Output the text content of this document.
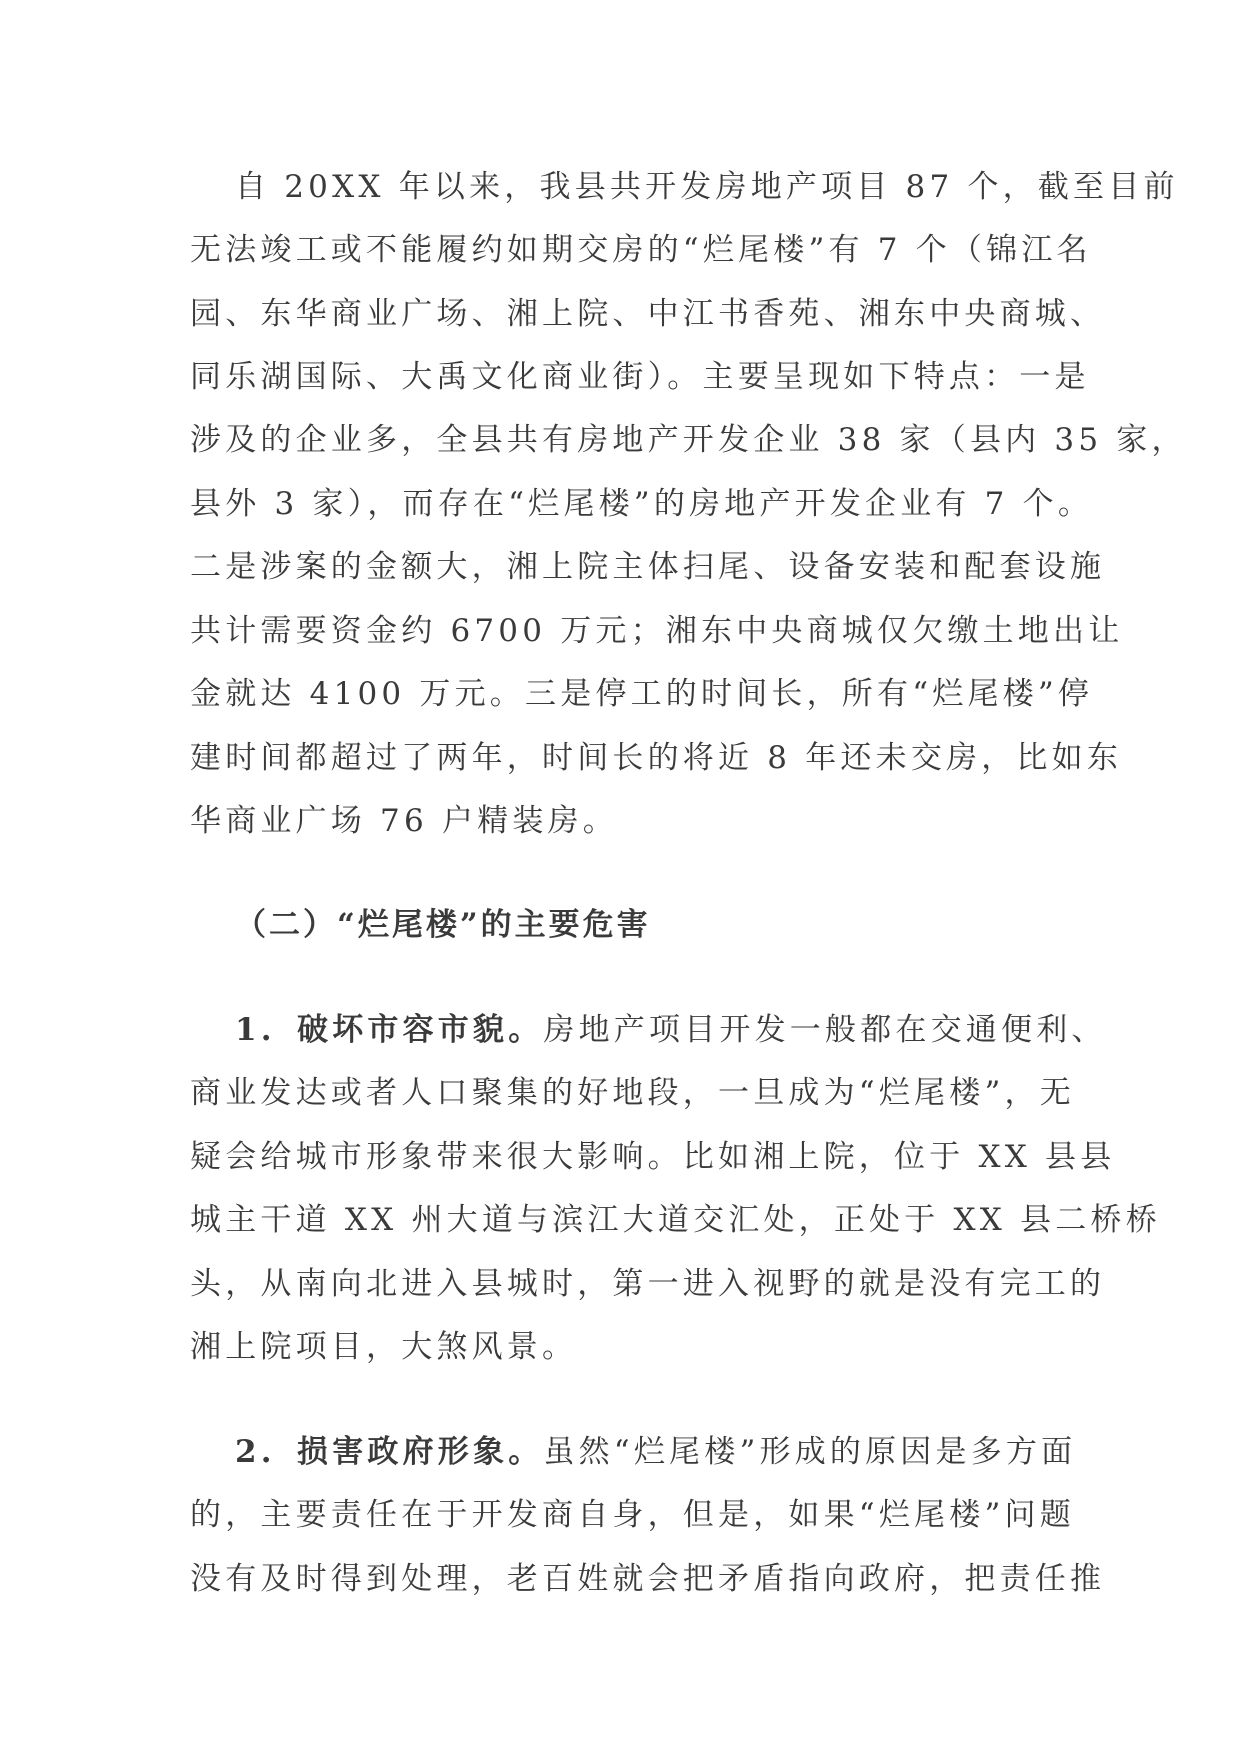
自 20XX 年以来，我县共开发房地产项目 87 个，截至目前
无法竣工或不能履约如期交房的“烂尾楼”有 7 个（锦江名
园、东华商业广场、湘上院、中江书香苑、湘东中央商城、
同乐湖国际、大禹文化商业街）。主要呈现如下特点：一是
涉及的企业多，全县共有房地产开发企业 38 家（县内 35 家，
县外 3 家），而存在“烂尾楼”的房地产开发企业有 7 个。
二是涉案的金额大，湘上院主体扫尾、设备安装和配套设施
共计需要资金约 6700 万元；湘东中央商城仅欠缴土地出让
金就达 4100 万元。三是停工的时间长，所有“烂尾楼”停
建时间都超过了两年，时间长的将近 8 年还未交房，比如东
华商业广场 76 户精装房。
（二）“烂尾楼”的主要危害
1. 破坏市容市貌。房地产项目开发一般都在交通便利、
商业发达或者人口聚集的好地段，一旦成为“烂尾楼”，无
疑会给城市形象带来很大影响。比如湘上院，位于 XX 县县
城主干道 XX 州大道与滨江大道交汇处，正处于 XX 县二桥桥
头，从南向北进入县城时，第一进入视野的就是没有完工的
湘上院项目，大煞风景。
2. 损害政府形象。虽然“烂尾楼”形成的原因是多方面
的，主要责任在于开发商自身，但是，如果“烂尾楼”问题
没有及时得到处理，老百姓就会把矛盾指向政府，把责任推
